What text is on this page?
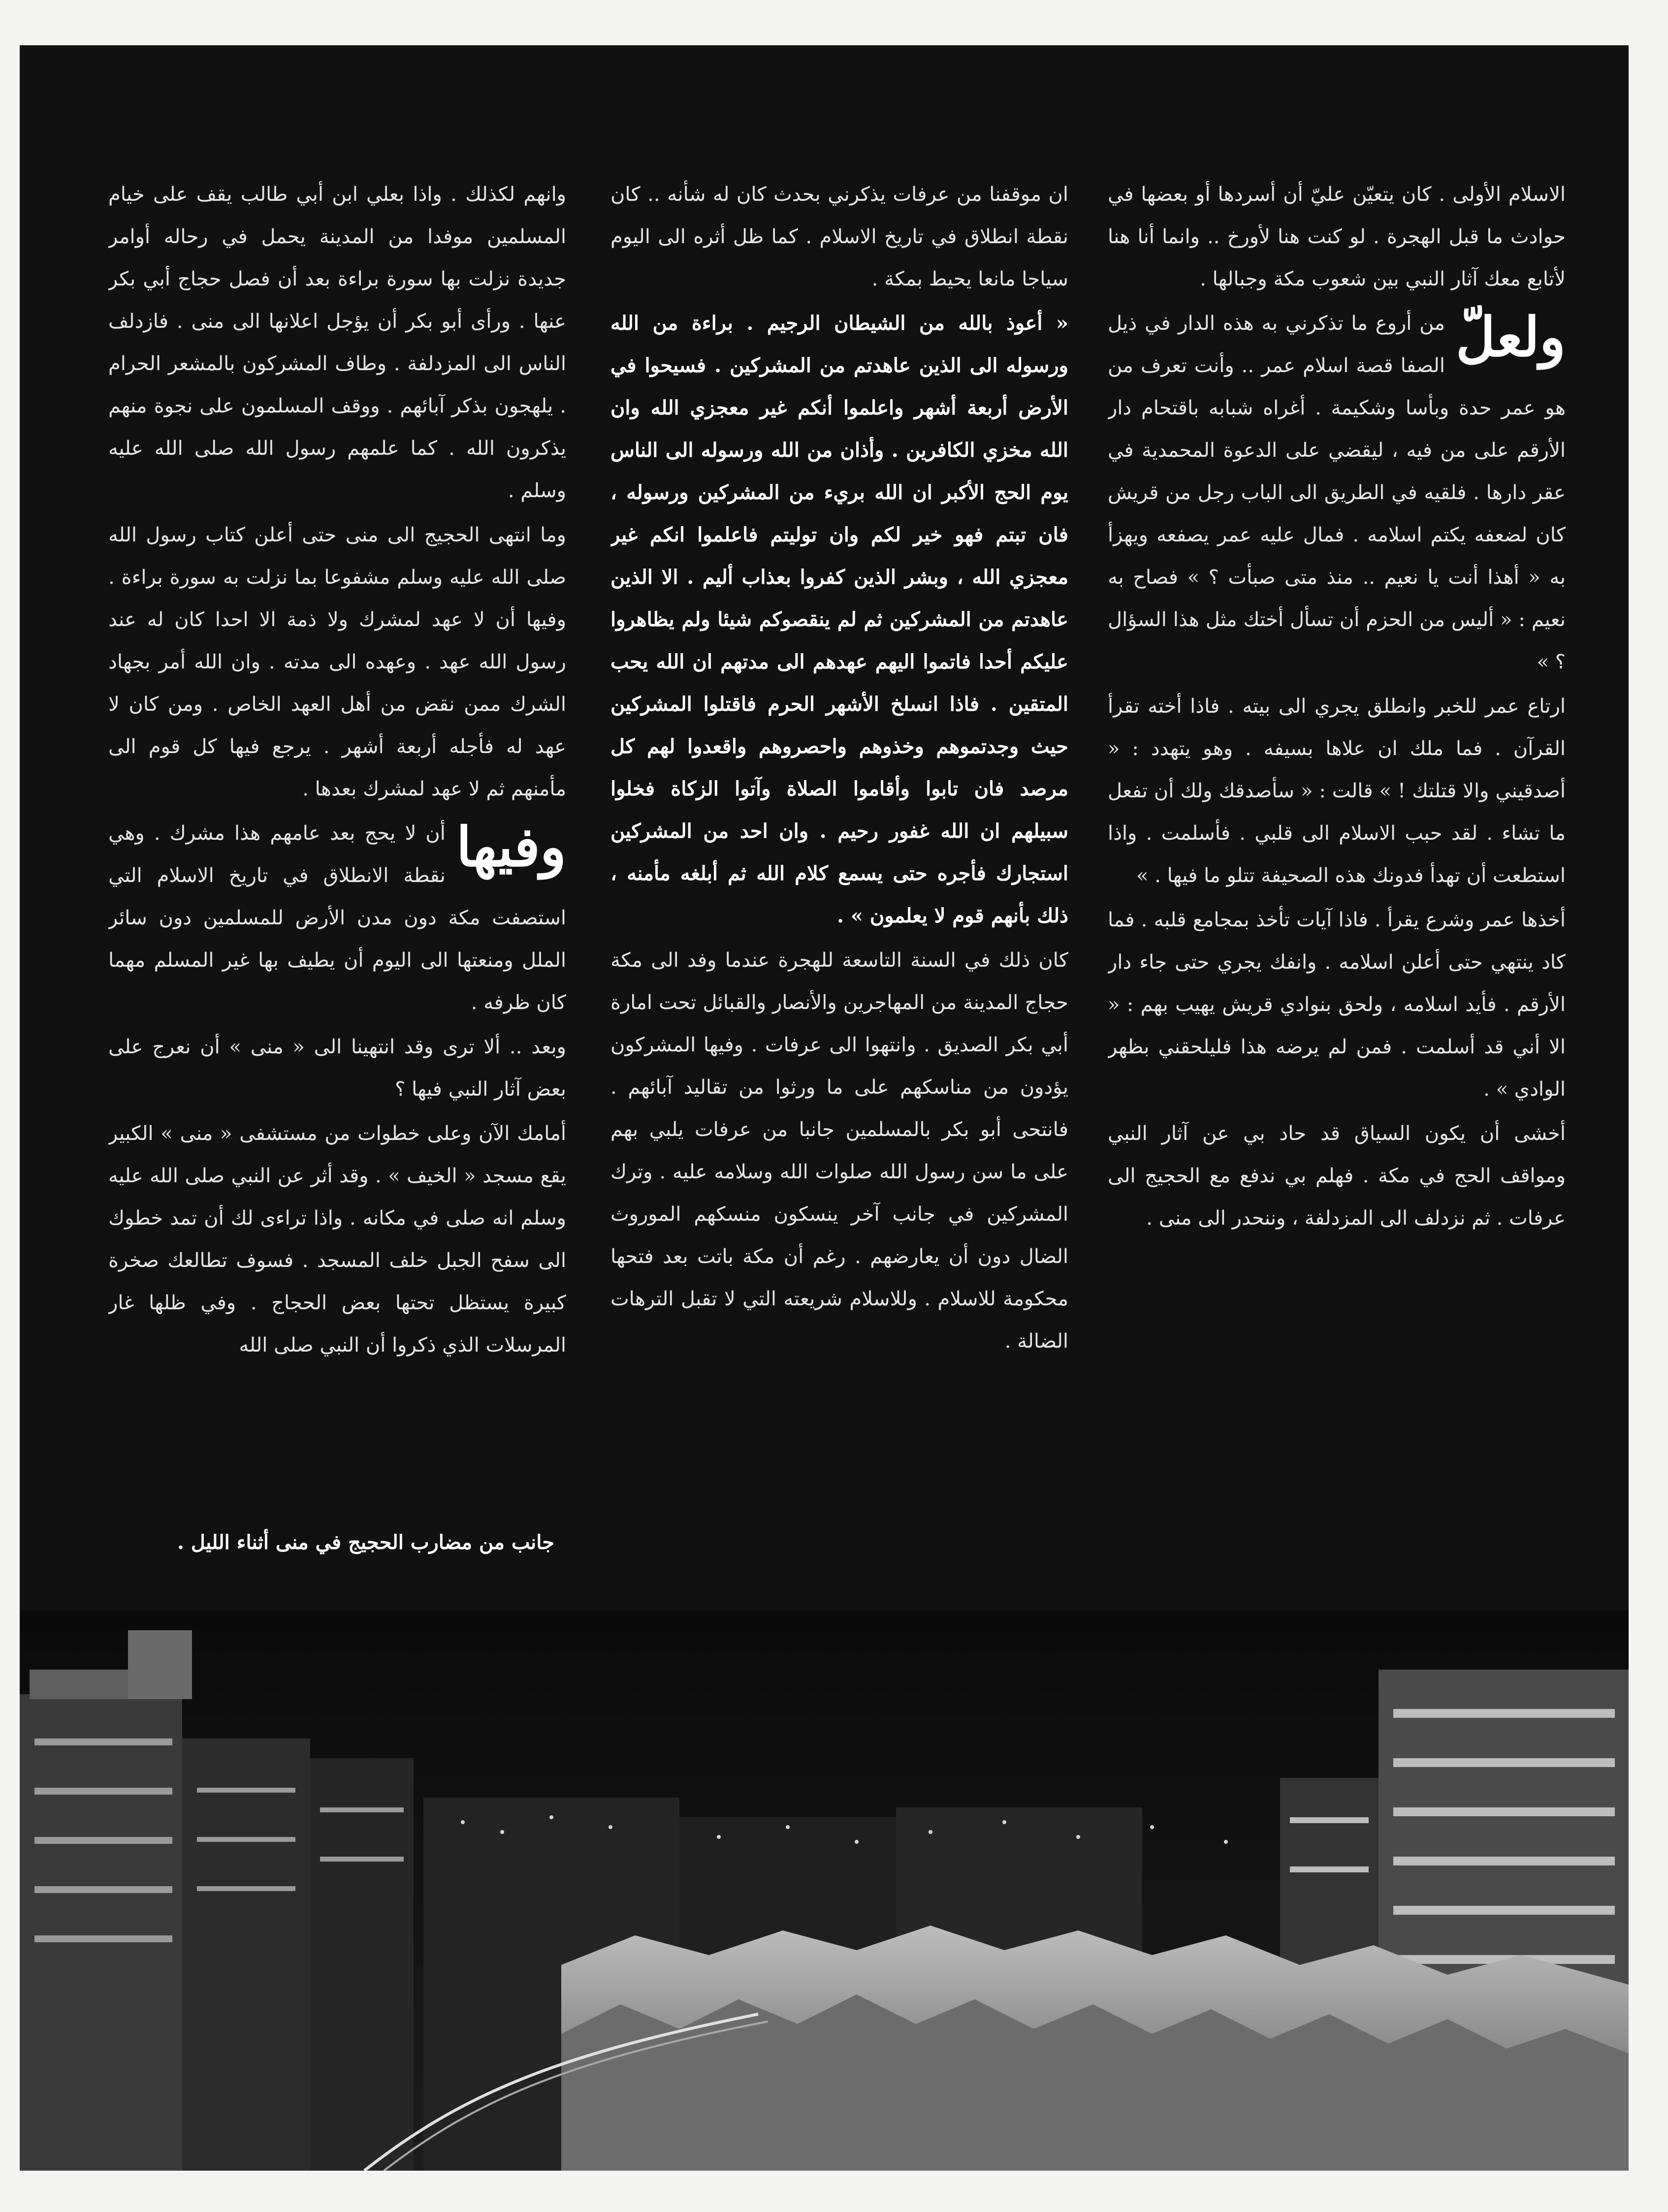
الاسلام الأولى . كان يتعيّن عليّ أن أسردها أو بعضها في حوادث ما قبل الهجرة . لو كنت هنا لأورخ .. وانما أنا هنا لأتابع معك آثار النبي بين شعوب مكة وجبالها .

ولعلّ
من أروع ما تذكرني به هذه الدار في ذيل الصفا قصة اسلام عمر .. وأنت تعرف من هو عمر حدة وبأسا وشكيمة . أغراه شبابه باقتحام دار الأرقم على من فيه ، ليقضي على الدعوة المحمدية في عقر دارها . فلقيه في الطريق الى الباب رجل من قريش كان لضعفه يكتم اسلامه . فمال عليه عمر يصفعه ويهزأ به « أهذا أنت يا نعيم .. منذ متى صبأت ؟ » فصاح به نعيم : « أليس من الحزم أن تسأل أختك مثل هذا السؤال ؟ »

ارتاع عمر للخبر وانطلق يجري الى بيته . فاذا أخته تقرأ القرآن . فما ملك ان علاها بسيفه . وهو يتهدد : « أصدقيني والا قتلتك ! » قالت : « سأصدقك ولك أن تفعل ما تشاء . لقد حبب الاسلام الى قلبي . فأسلمت . واذا استطعت أن تهدأ فدونك هذه الصحيفة تتلو ما فيها . »

أخذها عمر وشرع يقرأ . فاذا آيات تأخذ بمجامع قلبه . فما كاد ينتهي حتى أعلن اسلامه . وانفك يجري حتى جاء دار الأرقم . فأيد اسلامه ، ولحق بنوادي قريش يهيب بهم : « الا أني قد أسلمت . فمن لم يرضه هذا فليلحقني بظهر الوادي » .

أخشى أن يكون السياق قد حاد بي عن آثار النبي ومواقف الحج في مكة . فهلم بي ندفع مع الحجيج الى عرفات . ثم نزدلف الى المزدلفة ، وننحدر الى منى .

ان موقفنا من عرفات يذكرني بحدث كان له شأنه .. كان نقطة انطلاق في تاريخ الاسلام . كما ظل أثره الى اليوم سياجا مانعا يحيط بمكة .

« أعوذ بالله من الشيطان الرجيم . براءة من الله ورسوله الى الذين عاهدتم من المشركين . فسيحوا في الأرض أربعة أشهر واعلموا أنكم غير معجزي الله وان الله مخزي الكافرين . وأذان من الله ورسوله الى الناس يوم الحج الأكبر ان الله بريء من المشركين ورسوله ، فان تبتم فهو خير لكم وان توليتم فاعلموا انكم غير معجزي الله ، وبشر الذين كفروا بعذاب أليم . الا الذين عاهدتم من المشركين ثم لم ينقصوكم شيئا ولم يظاهروا عليكم أحدا فاتموا اليهم عهدهم الى مدتهم ان الله يحب المتقين . فاذا انسلخ الأشهر الحرم فاقتلوا المشركين حيث وجدتموهم وخذوهم واحصروهم واقعدوا لهم كل مرصد فان تابوا وأقاموا الصلاة وآتوا الزكاة فخلوا سبيلهم ان الله غفور رحيم . وان احد من المشركين استجارك فأجره حتى يسمع كلام الله ثم أبلغه مأمنه ، ذلك بأنهم قوم لا يعلمون » .

كان ذلك في السنة التاسعة للهجرة عندما وفد الى مكة حجاج المدينة من المهاجرين والأنصار والقبائل تحت امارة أبي بكر الصديق . وانتهوا الى عرفات . وفيها المشركون يؤدون من مناسكهم على ما ورثوا من تقاليد آبائهم . فانتحى أبو بكر بالمسلمين جانبا من عرفات يلبي بهم على ما سن رسول الله صلوات الله وسلامه عليه . وترك المشركين في جانب آخر ينسكون منسكهم الموروث الضال دون أن يعارضهم . رغم أن مكة باتت بعد فتحها محكومة للاسلام . وللاسلام شريعته التي لا تقبل الترهات الضالة .

وانهم لكذلك . واذا بعلي ابن أبي طالب يقف على خيام المسلمين موفدا من المدينة يحمل في رحاله أوامر جديدة نزلت بها سورة براءة بعد أن فصل حجاج أبي بكر عنها . ورأى أبو بكر أن يؤجل اعلانها الى منى . فازدلف الناس الى المزدلفة . وطاف المشركون بالمشعر الحرام . يلهجون بذكر آبائهم . ووقف المسلمون على نجوة منهم يذكرون الله . كما علمهم رسول الله صلى الله عليه وسلم .

وما انتهى الحجيج الى منى حتى أعلن كتاب رسول الله صلى الله عليه وسلم مشفوعا بما نزلت به سورة براءة . وفيها أن لا عهد لمشرك ولا ذمة الا احدا كان له عند رسول الله عهد . وعهده الى مدته . وان الله أمر بجهاد الشرك ممن نقض من أهل العهد الخاص . ومن كان لا عهد له فأجله أربعة أشهر . يرجع فيها كل قوم الى مأمنهم ثم لا عهد لمشرك بعدها .

وفيها
أن لا يحج بعد عامهم هذا مشرك . وهي نقطة الانطلاق في تاريخ الاسلام التي استصفت مكة دون مدن الأرض للمسلمين دون سائر الملل ومنعتها الى اليوم أن يطيف بها غير المسلم مهما كان ظرفه .

وبعد .. ألا ترى وقد انتهينا الى « منى » أن نعرج على بعض آثار النبي فيها ؟

أمامك الآن وعلى خطوات من مستشفى « منى » الكبير يقع مسجد « الخيف » . وقد أثر عن النبي صلى الله عليه وسلم انه صلى في مكانه . واذا تراءى لك أن تمد خطوك الى سفح الجبل خلف المسجد . فسوف تطالعك صخرة كبيرة يستظل تحتها بعض الحجاج . وفي ظلها غار المرسلات الذي ذكروا أن النبي صلى الله

جانب من مضارب الحجيج في منى أثناء الليل .
